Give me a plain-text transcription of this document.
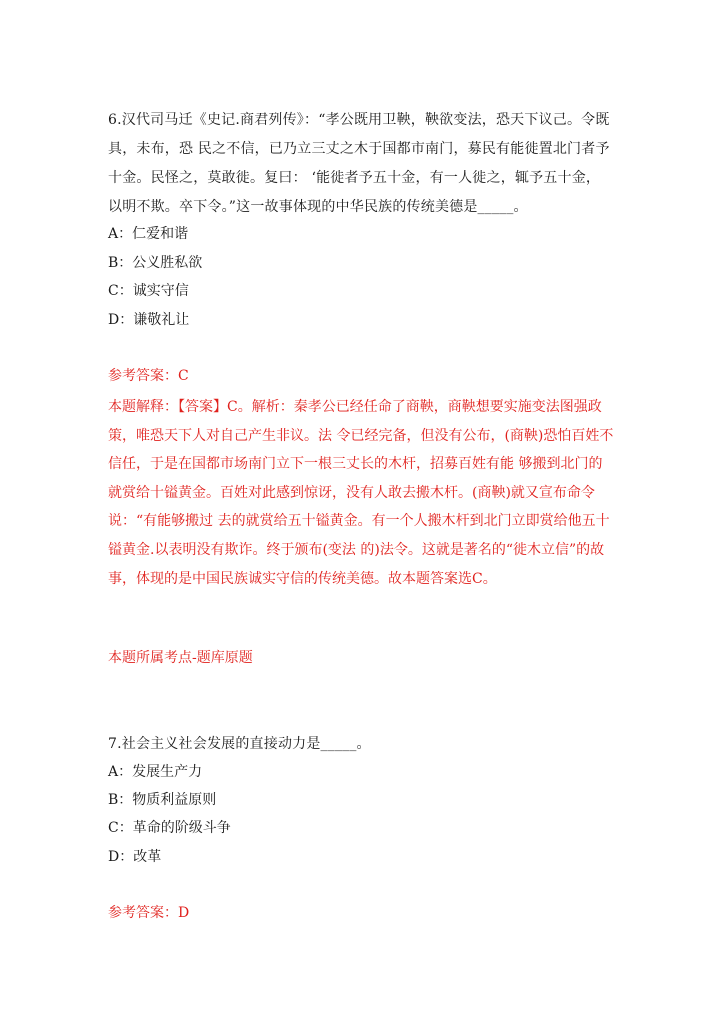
6.汉代司马迁《史记.商君列传》：“孝公既用卫鞅，鞅欲变法，恐天下议己。令既具，未布，恐 民之不信，已乃立三丈之木于国都市南门，募民有能徙置北门者予十金。民怪之，莫敢徙。复曰： ‘能徙者予五十金，有一人徙之，辄予五十金，以明不欺。卒下令。”这一故事体现的中华民族的传统美德是_____。

A：仁爱和谐

B：公义胜私欲

C：诚实守信

D：谦敬礼让

参考答案：C

本题解释：【答案】C。解析：秦孝公已经任命了商鞅，商鞅想要实施变法图强政策，唯恐天下人对自己产生非议。法 令已经完备，但没有公布，(商鞅)恐怕百姓不信任，于是在国都市场南门立下一根三丈长的木杆，招募百姓有能 够搬到北门的就赏给十镒黄金。百姓对此感到惊讶，没有人敢去搬木杆。(商鞅)就又宣布命令说：“有能够搬过 去的就赏给五十镒黄金。有一个人搬木杆到北门立即赏给他五十镒黄金.以表明没有欺诈。终于颁布(变法 的)法令。这就是著名的“徙木立信”的故事，体现的是中国民族诚实守信的传统美德。故本题答案选C。

本题所属考点-题库原题

7.社会主义社会发展的直接动力是_____。

A：发展生产力

B：物质利益原则

C：革命的阶级斗争

D：改革

参考答案：D
